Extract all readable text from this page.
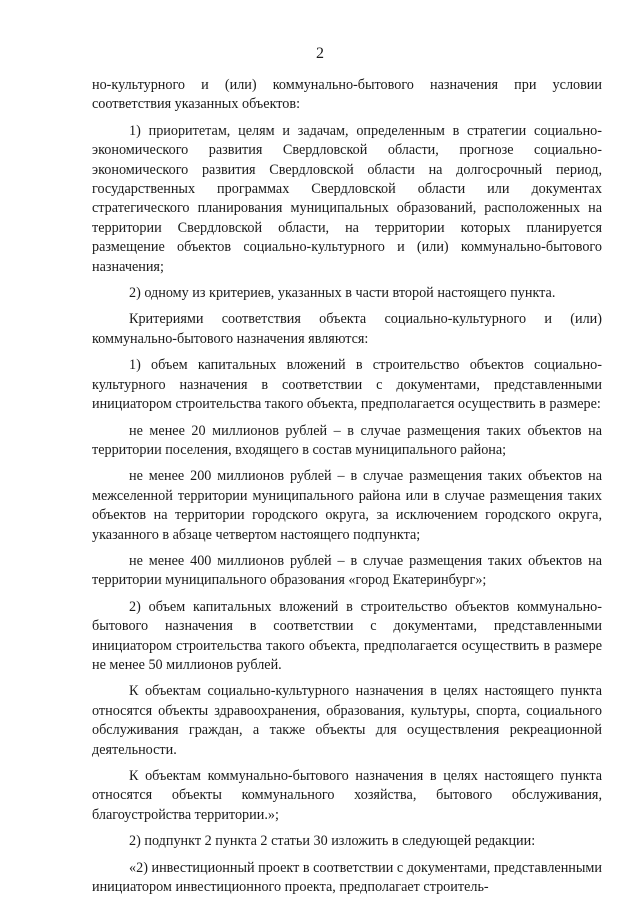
2

но-культурного и (или) коммунально-бытового назначения при условии соответствия указанных объектов:

1) приоритетам, целям и задачам, определенным в стратегии социально-экономического развития Свердловской области, прогнозе социально-экономического развития Свердловской области на долгосрочный период, государственных программах Свердловской области или документах стратегического планирования муниципальных образований, расположенных на территории Свердловской области, на территории которых планируется размещение объектов социально-культурного и (или) коммунально-бытового назначения;

2) одному из критериев, указанных в части второй настоящего пункта.

Критериями соответствия объекта социально-культурного и (или) коммунально-бытового назначения являются:

1) объем капитальных вложений в строительство объектов социально-культурного назначения в соответствии с документами, представленными инициатором строительства такого объекта, предполагается осуществить в размере:

не менее 20 миллионов рублей – в случае размещения таких объектов на территории поселения, входящего в состав муниципального района;

не менее 200 миллионов рублей – в случае размещения таких объектов на межселенной территории муниципального района или в случае размещения таких объектов на территории городского округа, за исключением городского округа, указанного в абзаце четвертом настоящего подпункта;

не менее 400 миллионов рублей – в случае размещения таких объектов на территории муниципального образования «город Екатеринбург»;

2) объем капитальных вложений в строительство объектов коммунально-бытового назначения в соответствии с документами, представленными инициатором строительства такого объекта, предполагается осуществить в размере не менее 50 миллионов рублей.

К объектам социально-культурного назначения в целях настоящего пункта относятся объекты здравоохранения, образования, культуры, спорта, социального обслуживания граждан, а также объекты для осуществления рекреационной деятельности.

К объектам коммунально-бытового назначения в целях настоящего пункта относятся объекты коммунального хозяйства, бытового обслуживания, благоустройства территории.»;

2) подпункт 2 пункта 2 статьи 30 изложить в следующей редакции:

«2) инвестиционный проект в соответствии с документами, представленными инициатором инвестиционного проекта, предполагает строитель-
